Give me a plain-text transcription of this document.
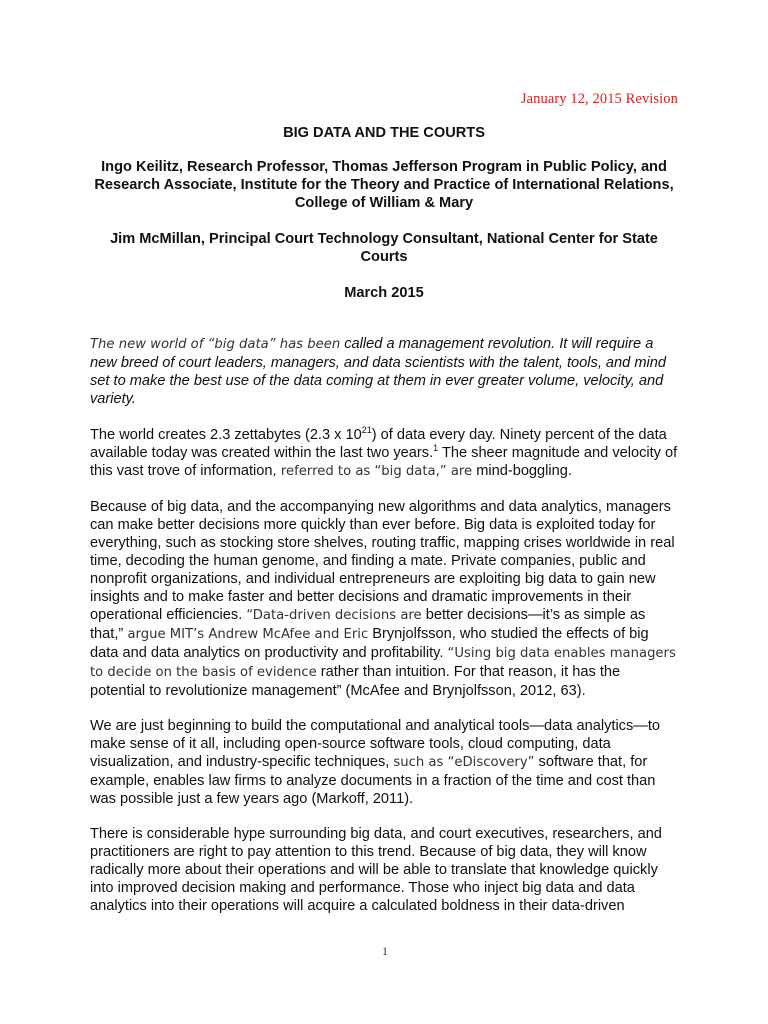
January 12, 2015 Revision
BIG DATA AND THE COURTS
Ingo Keilitz, Research Professor, Thomas Jefferson Program in Public Policy, and Research Associate, Institute for the Theory and Practice of International Relations, College of William & Mary
Jim McMillan, Principal Court Technology Consultant, National Center for State Courts
March 2015
The new world of “big data” has been called a management revolution. It will require a new breed of court leaders, managers, and data scientists with the talent, tools, and mind set to make the best use of the data coming at them in ever greater volume, velocity, and variety.
The world creates 2.3 zettabytes (2.3 x $10^{21}$) of data every day. Ninety percent of the data available today was created within the last two years.$^1$ The sheer magnitude and velocity of this vast trove of information, referred to as “big data,” are mind-boggling.
Because of big data, and the accompanying new algorithms and data analytics, managers can make better decisions more quickly than ever before. Big data is exploited today for everything, such as stocking store shelves, routing traffic, mapping crises worldwide in real time, decoding the human genome, and finding a mate. Private companies, public and nonprofit organizations, and individual entrepreneurs are exploiting big data to gain new insights and to make faster and better decisions and dramatic improvements in their operational efficiencies. “Data-driven decisions are better decisions—it’s as simple as that,” argue MIT’s Andrew McAfee and Eric Brynjolfsson, who studied the effects of big data and data analytics on productivity and profitability. “Using big data enables managers to decide on the basis of evidence rather than intuition. For that reason, it has the potential to revolutionize management” (McAfee and Brynjolfsson, 2012, 63).
We are just beginning to build the computational and analytical tools—data analytics—to make sense of it all, including open-source software tools, cloud computing, data visualization, and industry-specific techniques, such as “eDiscovery” software that, for example, enables law firms to analyze documents in a fraction of the time and cost than was possible just a few years ago (Markoff, 2011).
There is considerable hype surrounding big data, and court executives, researchers, and practitioners are right to pay attention to this trend. Because of big data, they will know radically more about their operations and will be able to translate that knowledge quickly into improved decision making and performance. Those who inject big data and data analytics into their operations will acquire a calculated boldness in their data-driven
1
